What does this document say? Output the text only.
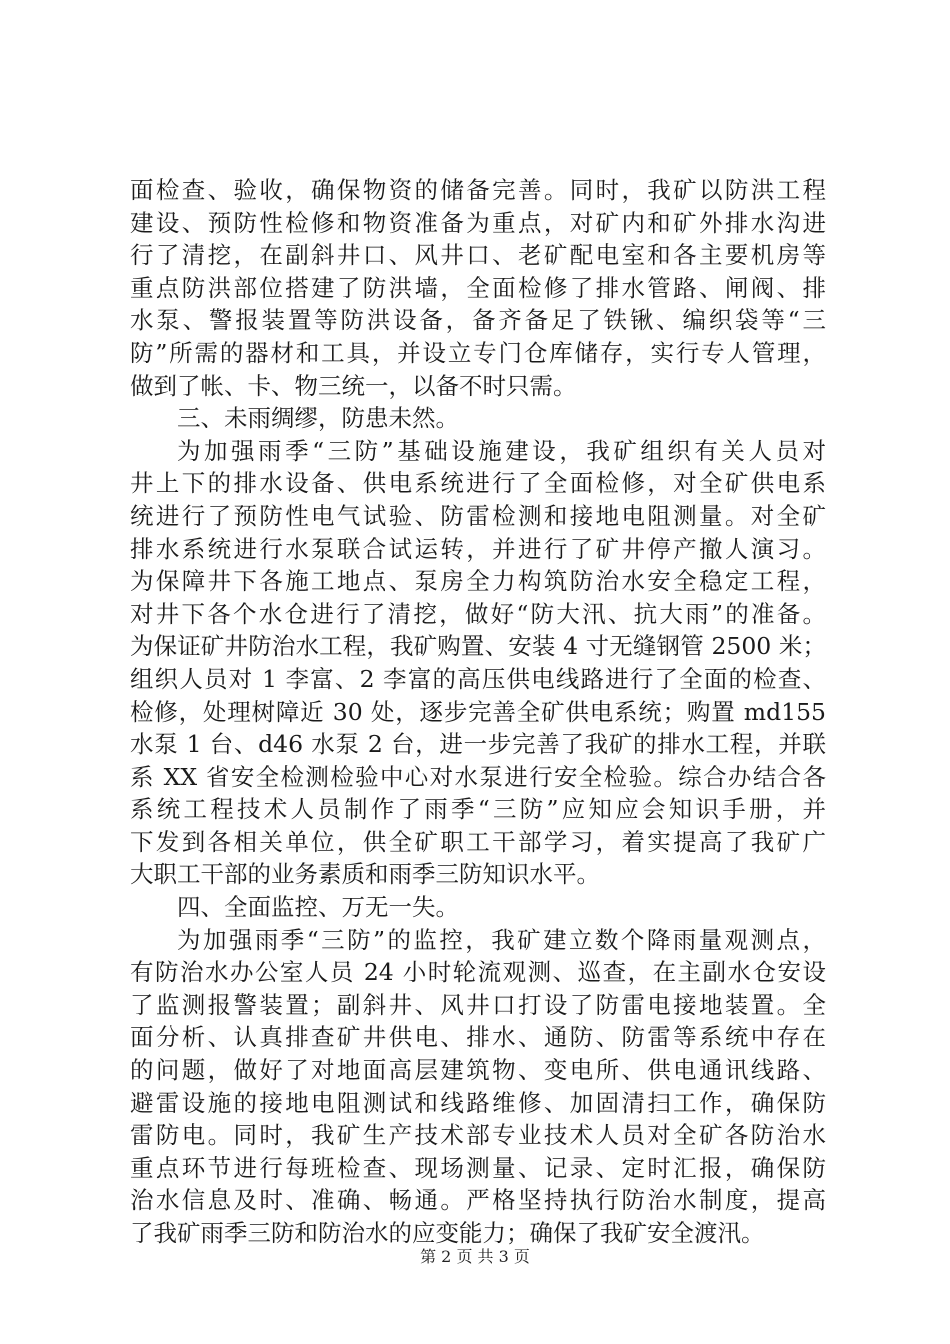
面检查、验收，确保物资的储备完善。同时，我矿以防洪工程
建设、预防性检修和物资准备为重点，对矿内和矿外排水沟进
行了清挖，在副斜井口、风井口、老矿配电室和各主要机房等
重点防洪部位搭建了防洪墙，全面检修了排水管路、闸阀、排
水泵、警报装置等防洪设备，备齐备足了铁锹、编织袋等“三
防”所需的器材和工具，并设立专门仓库储存，实行专人管理，
做到了帐、卡、物三统一，以备不时只需。
三、未雨绸缪，防患未然。
为加强雨季“三防”基础设施建设，我矿组织有关人员对
井上下的排水设备、供电系统进行了全面检修，对全矿供电系
统进行了预防性电气试验、防雷检测和接地电阻测量。对全矿
排水系统进行水泵联合试运转，并进行了矿井停产撤人演习。
为保障井下各施工地点、泵房全力构筑防治水安全稳定工程，
对井下各个水仓进行了清挖，做好“防大汛、抗大雨”的准备。
为保证矿井防治水工程，我矿购置、安装 4 寸无缝钢管 2500 米；
组织人员对 1 李富、2 李富的高压供电线路进行了全面的检查、
检修，处理树障近 30 处，逐步完善全矿供电系统；购置 md155
水泵 1 台、d46 水泵 2 台，进一步完善了我矿的排水工程，并联
系 XX 省安全检测检验中心对水泵进行安全检验。综合办结合各
系统工程技术人员制作了雨季“三防”应知应会知识手册，并
下发到各相关单位，供全矿职工干部学习，着实提高了我矿广
大职工干部的业务素质和雨季三防知识水平。
四、全面监控、万无一失。
为加强雨季“三防”的监控，我矿建立数个降雨量观测点，
有防治水办公室人员 24 小时轮流观测、巡查，在主副水仓安设
了监测报警装置；副斜井、风井口打设了防雷电接地装置。全
面分析、认真排查矿井供电、排水、通防、防雷等系统中存在
的问题，做好了对地面高层建筑物、变电所、供电通讯线路、
避雷设施的接地电阻测试和线路维修、加固清扫工作，确保防
雷防电。同时，我矿生产技术部专业技术人员对全矿各防治水
重点环节进行每班检查、现场测量、记录、定时汇报，确保防
治水信息及时、准确、畅通。严格坚持执行防治水制度，提高
了我矿雨季三防和防治水的应变能力；确保了我矿安全渡汛。
第 2 页 共 3 页
